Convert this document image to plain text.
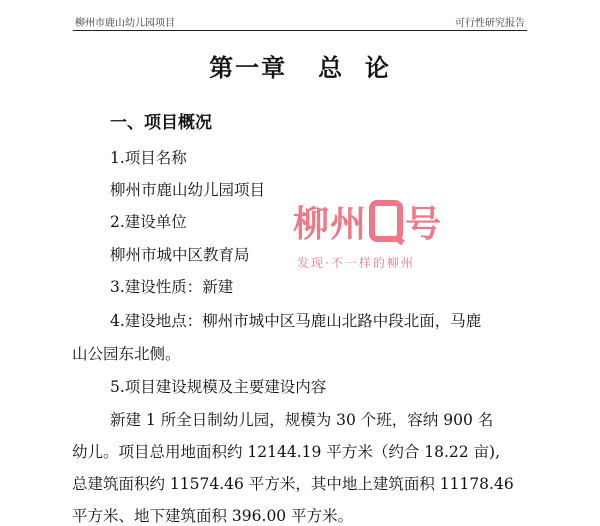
柳州市鹿山幼儿园项目	可行性研究报告
第一章   总  论
一、项目概况
1.项目名称
柳州市鹿山幼儿园项目
2.建设单位
柳州市城中区教育局
3.建设性质：新建
4.建设地点：柳州市城中区马鹿山北路中段北面，马鹿
山公园东北侧。
5.项目建设规模及主要建设内容
新建 1 所全日制幼儿园，规模为 30 个班，容纳 900 名
幼儿。项目总用地面积约 12144.19 平方米（约合 18.22 亩),
总建筑面积约 11574.46 平方米，其中地上建筑面积 11178.46
平方米、地下建筑面积 396.00 平方米。
柳州 号
发现·不一样的柳州
